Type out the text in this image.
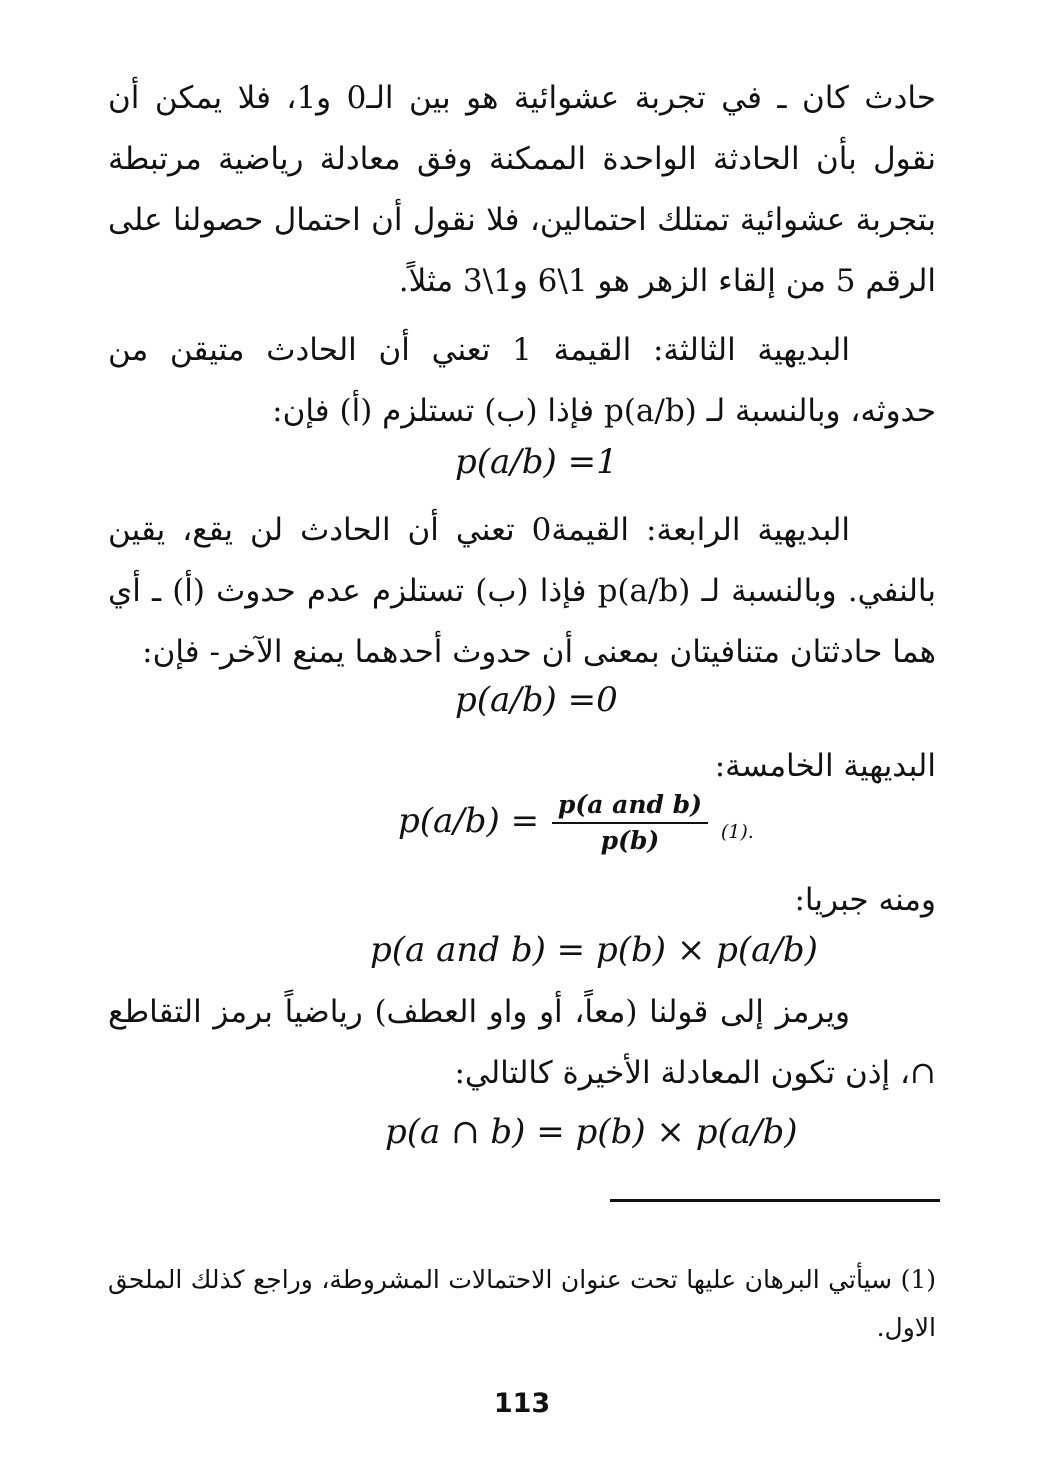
حادث كان ـ في تجربة عشوائية هو بين الـ0 و1، فلا يمكن أن نقول بأن الحادثة الواحدة الممكنة وفق معادلة رياضية مرتبطة بتجربة عشوائية تمتلك احتمالين، فلا نقول أن احتمال حصولنا على الرقم 5 من إلقاء الزهر هو 1\6 و1\3 مثلاً.

البديهية الثالثة: القيمة 1 تعني أن الحادث متيقن من حدوثه، وبالنسبة لـ (p(a/b فإذا (ب) تستلزم (أ) فإن:

p(a/b) =1

البديهية الرابعة: القيمة0 تعني أن الحادث لن يقع، يقين بالنفي. وبالنسبة لـ (p(a/b فإذا (ب) تستلزم عدم حدوث (أ) ـ أي هما حادثتان متنافيتان بمعنى أن حدوث أحدهما يمنع الآخر- فإن:

p(a/b) =0

البديهية الخامسة:

$p(a/b) = \frac{\text{p(a and b)}}{p(b)} (1)$.

ومنه جبريا:

p(a and b) = p(b) × p(a/b)

ويرمز إلى قولنا (معاً، أو واو العطف) رياضياً برمز التقاطع ∩، إذن تكون المعادلة الأخيرة كالتالي:

p(a ∩ b) = p(b) × p(a/b)

(1) سيأتي البرهان عليها تحت عنوان الاحتمالات المشروطة، وراجع كذلك الملحق الاول.

113
